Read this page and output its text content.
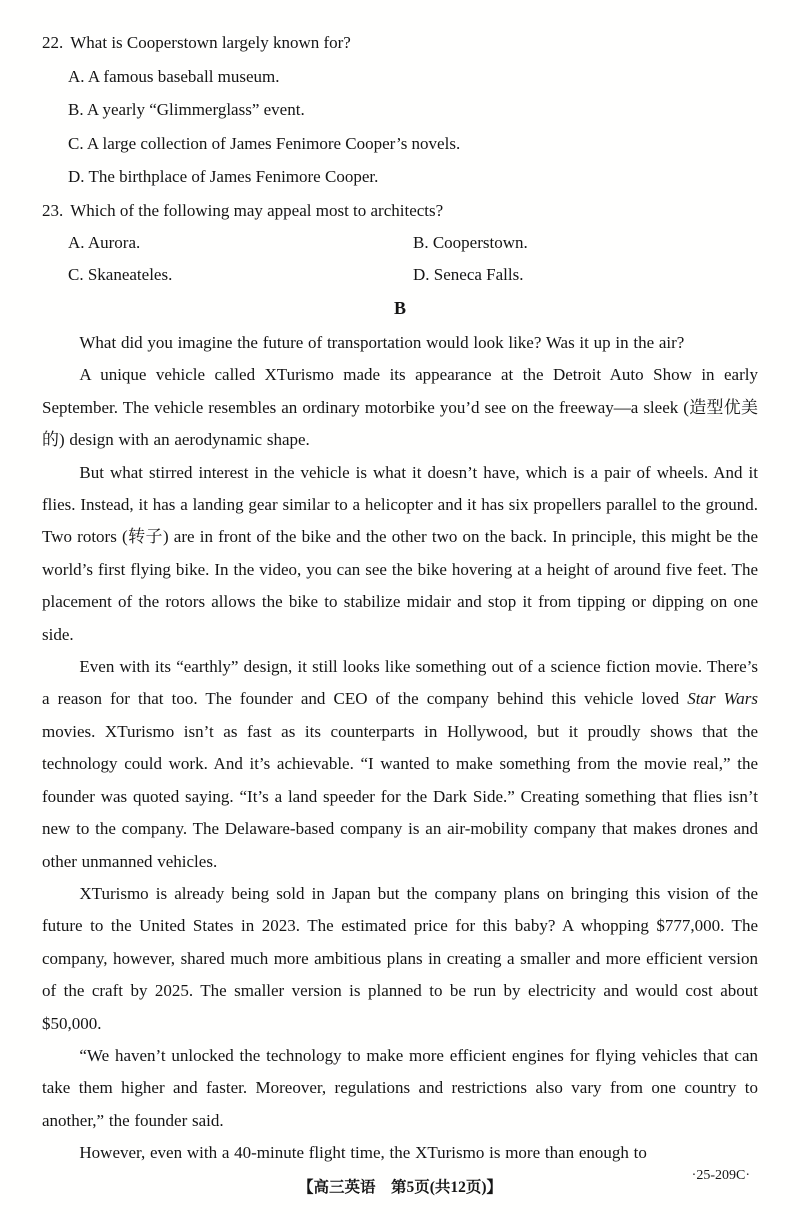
22. What is Cooperstown largely known for?
A. A famous baseball museum.
B. A yearly “Glimmerglass” event.
C. A large collection of James Fenimore Cooper’s novels.
D. The birthplace of James Fenimore Cooper.
23. Which of the following may appeal most to architects?
A. Aurora.	B. Cooperstown.
C. Skaneateles.	D. Seneca Falls.
B

What did you imagine the future of transportation would look like? Was it up in the air?

A unique vehicle called XTurismo made its appearance at the Detroit Auto Show in early September. The vehicle resembles an ordinary motorbike you’d see on the freeway—a sleek (造型优美的) design with an aerodynamic shape.

But what stirred interest in the vehicle is what it doesn’t have, which is a pair of wheels. And it flies. Instead, it has a landing gear similar to a helicopter and it has six propellers parallel to the ground. Two rotors (转子) are in front of the bike and the other two on the back. In principle, this might be the world’s first flying bike. In the video, you can see the bike hovering at a height of around five feet. The placement of the rotors allows the bike to stabilize midair and stop it from tipping or dipping on one side.

Even with its “earthly” design, it still looks like something out of a science fiction movie. There’s a reason for that too. The founder and CEO of the company behind this vehicle loved Star Wars movies. XTurismo isn’t as fast as its counterparts in Hollywood, but it proudly shows that the technology could work. And it’s achievable. “I wanted to make something from the movie real,” the founder was quoted saying. “It’s a land speeder for the Dark Side.” Creating something that flies isn’t new to the company. The Delaware-based company is an air-mobility company that makes drones and other unmanned vehicles.

XTurismo is already being sold in Japan but the company plans on bringing this vision of the future to the United States in 2023. The estimated price for this baby? A whopping $777,000. The company, however, shared much more ambitious plans in creating a smaller and more efficient version of the craft by 2025. The smaller version is planned to be run by electricity and would cost about $50,000.

“We haven’t unlocked the technology to make more efficient engines for flying vehicles that can take them higher and faster. Moreover, regulations and restrictions also vary from one country to another,” the founder said.

However, even with a 40-minute flight time, the XTurismo is more than enough to

【高三英语　第5页(共12页)】
·25-209C·
